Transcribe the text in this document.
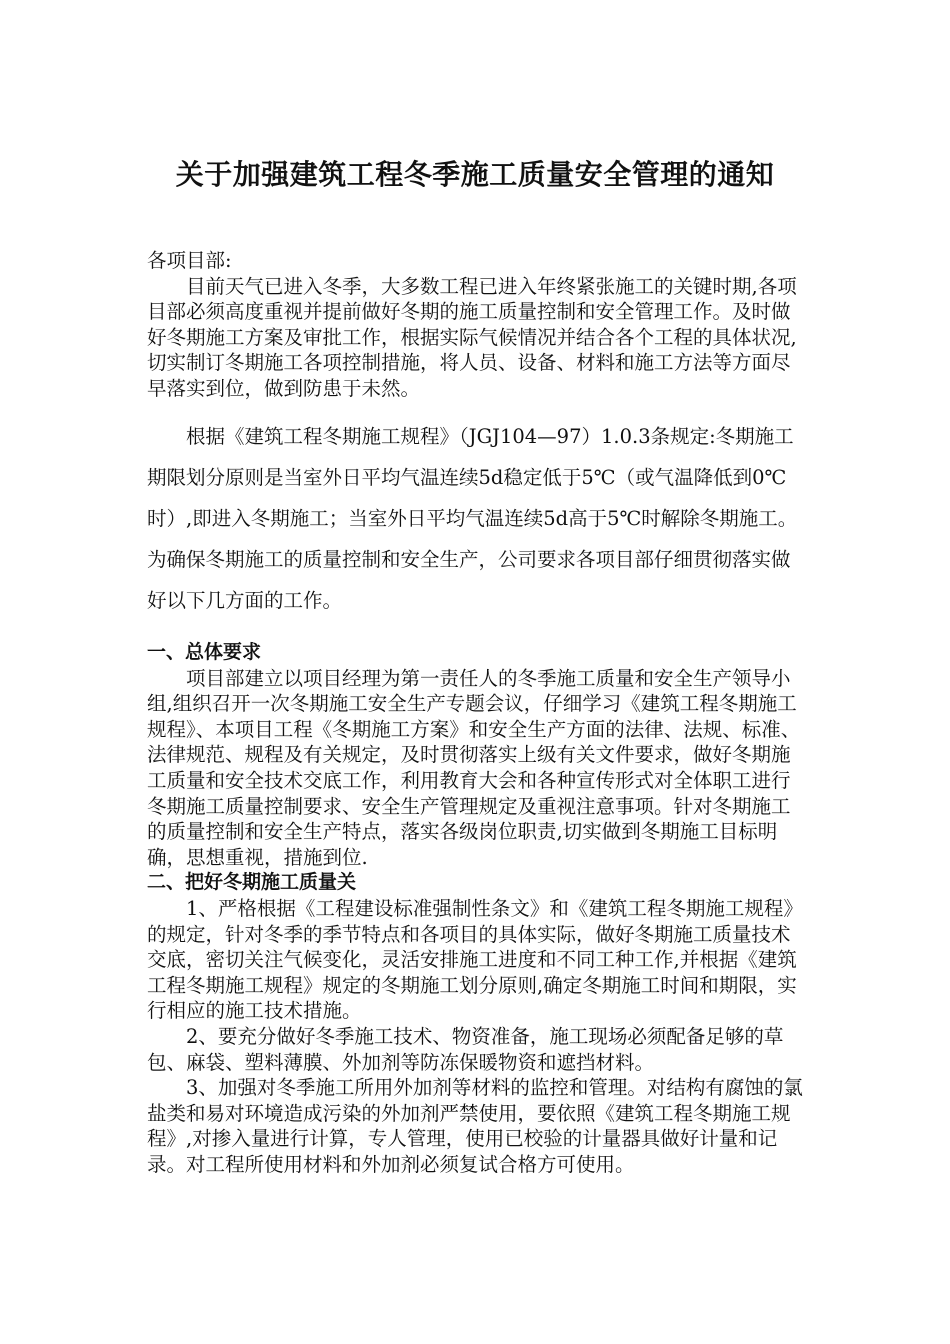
关于加强建筑工程冬季施工质量安全管理的通知
各项目部:

目前天气已进入冬季，大多数工程已进入年终紧张施工的关键时期,各项目部必须高度重视并提前做好冬期的施工质量控制和安全管理工作。及时做好冬期施工方案及审批工作，根据实际气候情况并结合各个工程的具体状况,切实制订冬期施工各项控制措施，将人员、设备、材料和施工方法等方面尽早落实到位，做到防患于未然。

根据《建筑工程冬期施工规程》（JGJ104—97）1.0.3条规定:冬期施工期限划分原则是当室外日平均气温连续5d稳定低于5℃（或气温降低到0℃时）,即进入冬期施工；当室外日平均气温连续5d高于5℃时解除冬期施工。为确保冬期施工的质量控制和安全生产，公司要求各项目部仔细贯彻落实做好以下几方面的工作。

一、总体要求

项目部建立以项目经理为第一责任人的冬季施工质量和安全生产领导小组,组织召开一次冬期施工安全生产专题会议，仔细学习《建筑工程冬期施工规程》、本项目工程《冬期施工方案》和安全生产方面的法律、法规、标准、法律规范、规程及有关规定，及时贯彻落实上级有关文件要求，做好冬期施工质量和安全技术交底工作，利用教育大会和各种宣传形式对全体职工进行冬期施工质量控制要求、安全生产管理规定及重视注意事项。针对冬期施工的质量控制和安全生产特点，落实各级岗位职责,切实做到冬期施工目标明确，思想重视，措施到位.

二、把好冬期施工质量关

1、严格根据《工程建设标准强制性条文》和《建筑工程冬期施工规程》的规定，针对冬季的季节特点和各项目的具体实际，做好冬期施工质量技术交底，密切关注气候变化，灵活安排施工进度和不同工种工作,并根据《建筑工程冬期施工规程》规定的冬期施工划分原则,确定冬期施工时间和期限，实行相应的施工技术措施。

2、要充分做好冬季施工技术、物资准备，施工现场必须配备足够的草包、麻袋、塑料薄膜、外加剂等防冻保暖物资和遮挡材料。

3、加强对冬季施工所用外加剂等材料的监控和管理。对结构有腐蚀的氯盐类和易对环境造成污染的外加剂严禁使用，要依照《建筑工程冬期施工规程》,对掺入量进行计算，专人管理，使用已校验的计量器具做好计量和记录。对工程所使用材料和外加剂必须复试合格方可使用。
